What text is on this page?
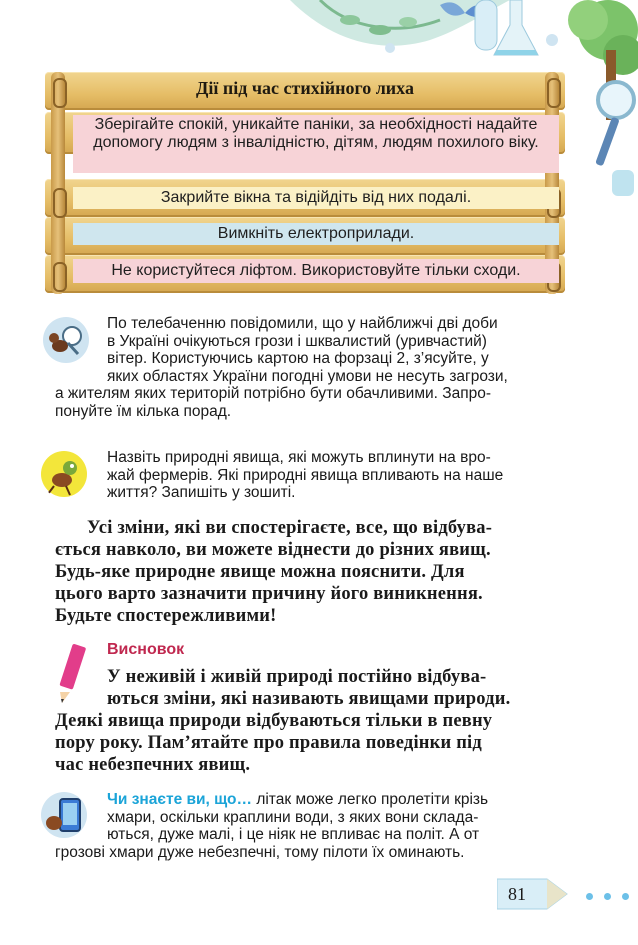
Дії під час стихійного лиха
Зберігайте спокій, уникайте паніки, за необхідності надайте допомогу людям з інвалідністю, дітям, людям похилого віку.
Закрийте вікна та відійдіть від них подалі.
Вимкніть електроприлади.
Не користуйтеся ліфтом. Використовуйте тільки сходи.
По телебаченню повідомили, що у найближчі дві доби
в Україні очікуються грози і шквалистий (уривчастий)
вітер. Користуючись картою на форзаці 2, з’ясуйте, у
яких областях України погодні умови не несуть загрози,
а жителям яких територій потрібно бути обачливими. Запро-
понуйте їм кілька порад.
Назвіть природні явища, які можуть вплинути на вро-
жай фермерів. Які природні явища впливають на наше
життя? Запишіть у зошиті.
Усі зміни, які ви спостерігаєте, все, що відбува-
ється навколо, ви можете віднести до різних явищ.
Будь-яке природне явище можна пояснити. Для
цього варто зазначити причину його виникнення.
Будьте спостережливими!
Висновок
У неживій і живій природі постійно відбува-
ються зміни, які називають явищами природи.
Деякі явища природи відбуваються тільки в певну
пору року. Пам’ятайте про правила поведінки під
час небезпечних явищ.
Чи знаєте ви, що… літак може легко пролетіти крізь
хмари, оскільки краплини води, з яких вони склада-
ються, дуже малі, і це ніяк не впливає на політ. А от
грозові хмари дуже небезпечні, тому пілоти їх оминають.
81
